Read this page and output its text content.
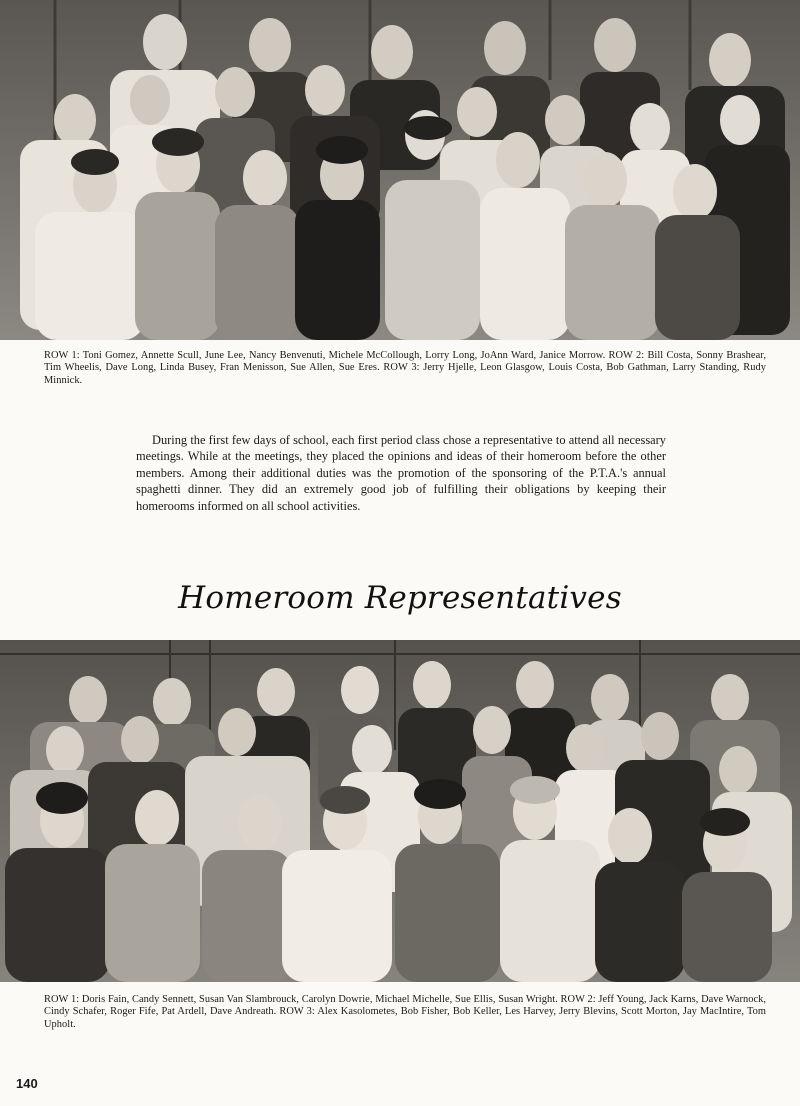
ROW 1: Toni Gomez, Annette Scull, June Lee, Nancy Benvenuti, Michele McCollough, Lorry Long, JoAnn Ward, Janice Morrow. ROW 2: Bill Costa, Sonny Brashear, Tim Wheelis, Dave Long, Linda Busey, Fran Menisson, Sue Allen, Sue Eres. ROW 3: Jerry Hjelle, Leon Glasgow, Louis Costa, Bob Gathman, Larry Standing, Rudy Minnick.
During the first few days of school, each first period class chose a representative to attend all necessary meetings. While at the meetings, they placed the opinions and ideas of their homeroom before the other members. Among their additional duties was the promotion of the sponsoring of the P.T.A.'s annual spaghetti dinner. They did an extremely good job of fulfilling their obligations by keeping their homerooms informed on all school activities.
Homeroom Representatives
ROW 1: Doris Fain, Candy Sennett, Susan Van Slambrouck, Carolyn Dowrie, Michael Michelle, Sue Ellis, Susan Wright. ROW 2: Jeff Young, Jack Karns, Dave Warnock, Cindy Schafer, Roger Fife, Pat Ardell, Dave Andreath. ROW 3: Alex Kasolometes, Bob Fisher, Bob Keller, Les Harvey, Jerry Blevins, Scott Morton, Jay MacIntire, Tom Upholt.
140
